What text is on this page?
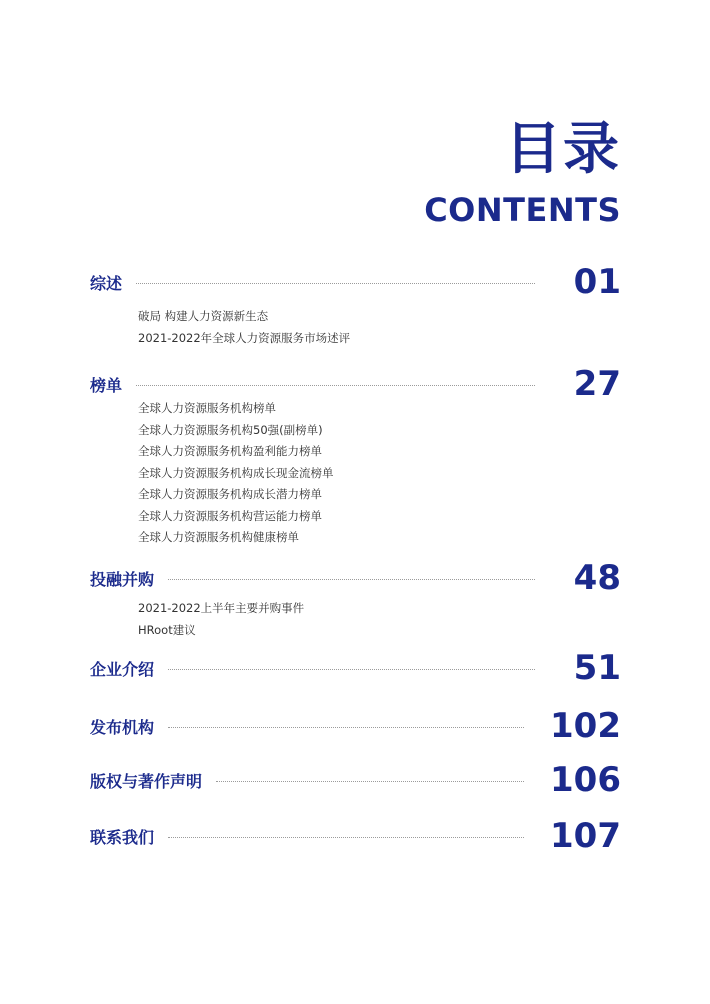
目录
CONTENTS
综述	01
破局 构建人力资源新生态
2021-2022年全球人力资源服务市场述评
榜单	27
全球人力资源服务机构榜单
全球人力资源服务机构50强(副榜单)
全球人力资源服务机构盈利能力榜单
全球人力资源服务机构成长现金流榜单
全球人力资源服务机构成长潜力榜单
全球人力资源服务机构营运能力榜单
全球人力资源服务机构健康榜单
投融并购	48
2021-2022上半年主要并购事件
HRoot建议
企业介绍	51
发布机构	102
版权与著作声明	106
联系我们	107
